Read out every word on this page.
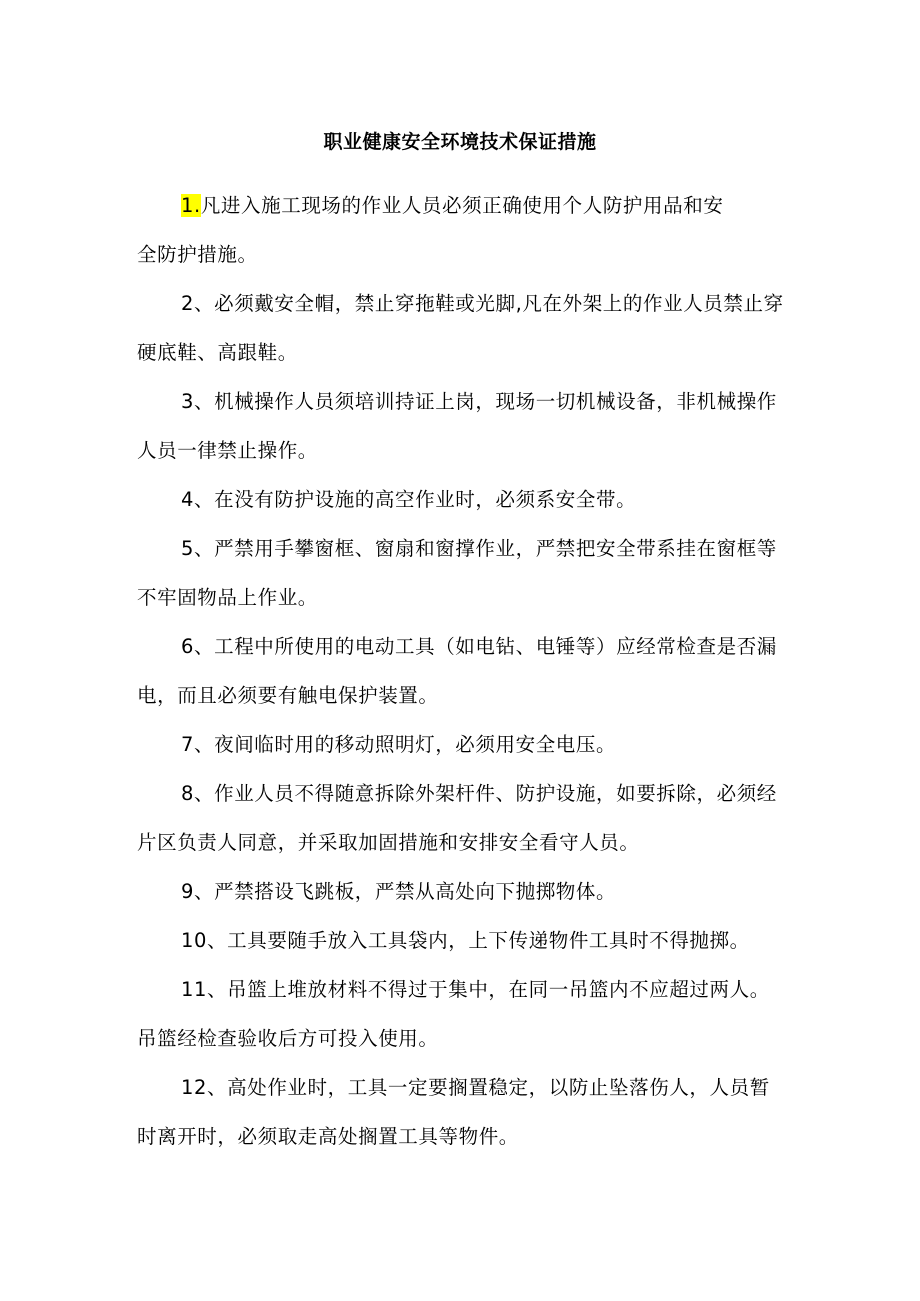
职业健康安全环境技术保证措施

1.凡进入施工现场的作业人员必须正确使用个人防护用品和安

全防护措施。

2、必须戴安全帽，禁止穿拖鞋或光脚,凡在外架上的作业人员禁止穿硬底鞋、高跟鞋。

3、机械操作人员须培训持证上岗，现场一切机械设备，非机械操作人员一律禁止操作。

4、在没有防护设施的高空作业时，必须系安全带。

5、严禁用手攀窗框、窗扇和窗撑作业，严禁把安全带系挂在窗框等不牢固物品上作业。

6、工程中所使用的电动工具（如电钻、电锤等）应经常检查是否漏电，而且必须要有触电保护装置。

7、夜间临时用的移动照明灯，必须用安全电压。

8、作业人员不得随意拆除外架杆件、防护设施，如要拆除，必须经片区负责人同意，并采取加固措施和安排安全看守人员。

9、严禁搭设飞跳板，严禁从高处向下抛掷物体。

10、工具要随手放入工具袋内，上下传递物件工具时不得抛掷。

11、吊篮上堆放材料不得过于集中，在同一吊篮内不应超过两人。吊篮经检查验收后方可投入使用。

12、高处作业时，工具一定要搁置稳定，以防止坠落伤人，人员暂时离开时，必须取走高处搁置工具等物件。
